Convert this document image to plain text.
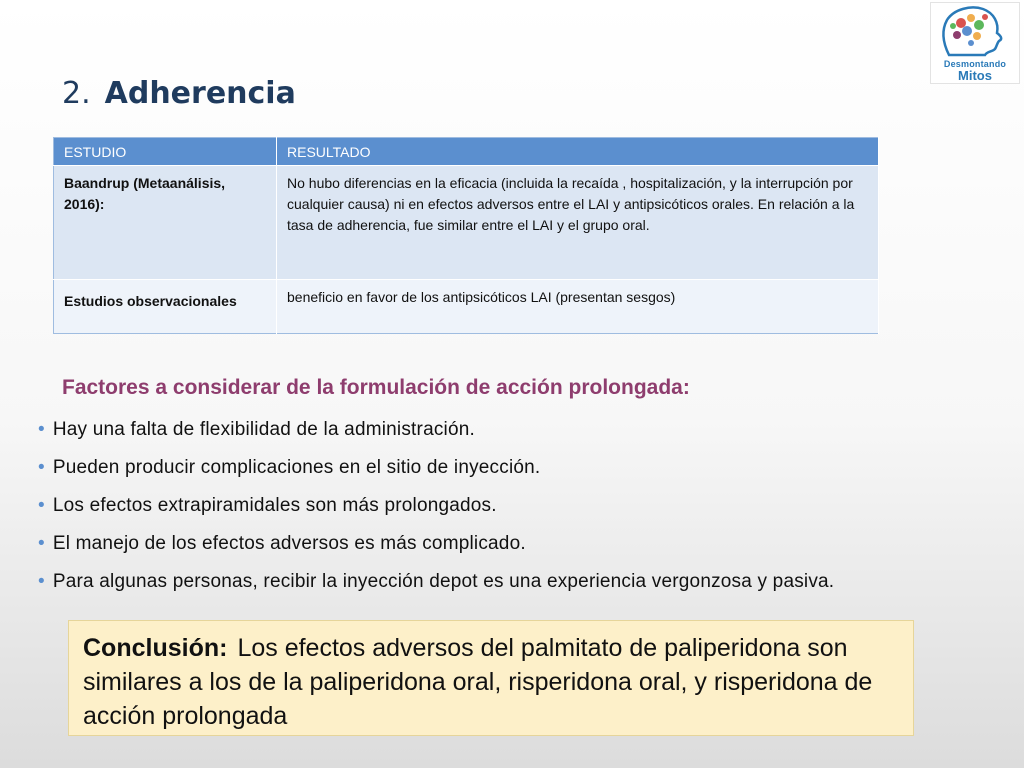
Desmontando
Mitos
2. Adherencia
ESTUDIO	RESULTADO
Baandrup (Metaanálisis, 2016):	No hubo diferencias en la eficacia (incluida la recaída , hospitalización, y la interrupción por cualquier causa) ni en efectos adversos entre el LAI y antipsicóticos orales. En relación a la tasa de adherencia, fue similar entre el LAI y el grupo oral.
Estudios observacionales	beneficio en favor de los antipsicóticos LAI (presentan sesgos)
Factores a considerar de la formulación de acción prolongada:
• Hay una falta de flexibilidad de la administración.
• Pueden producir complicaciones en el sitio de inyección.
• Los efectos extrapiramidales son más prolongados.
• El manejo de los efectos adversos es más complicado.
• Para algunas personas, recibir la inyección depot es una experiencia vergonzosa y pasiva.
Conclusión: Los efectos adversos del palmitato de paliperidona son similares a los de la paliperidona oral, risperidona oral, y risperidona de acción prolongada
